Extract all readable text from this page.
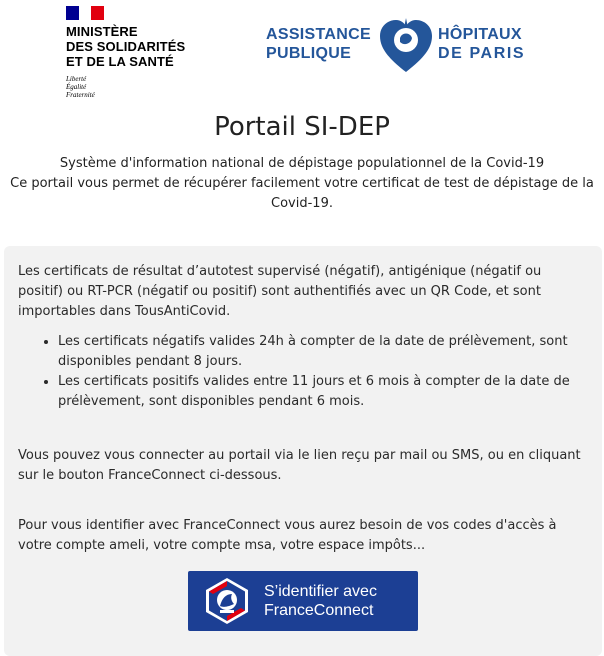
MINISTÈRE
DES SOLIDARITÉS
ET DE LA SANTÉ
Liberté
Égalité
Fraternité
ASSISTANCE
PUBLIQUE
HÔPITAUX
DE PARIS
Portail SI-DEP
Système d'information national de dépistage populationnel de la Covid-19
Ce portail vous permet de récupérer facilement votre certificat de test de dépistage de la Covid-19.

Les certificats de résultat d’autotest supervisé (négatif), antigénique (négatif ou positif) ou RT-PCR (négatif ou positif) sont authentifiés avec un QR Code, et sont importables dans TousAntiCovid.

• Les certificats négatifs valides 24h à compter de la date de prélèvement, sont disponibles pendant 8 jours.
• Les certificats positifs valides entre 11 jours et 6 mois à compter de la date de prélèvement, sont disponibles pendant 6 mois.

Vous pouvez vous connecter au portail via le lien reçu par mail ou SMS, ou en cliquant sur le bouton FranceConnect ci-dessous.

Pour vous identifier avec FranceConnect vous aurez besoin de vos codes d'accès à votre compte ameli, votre compte msa, votre espace impôts...

S’identifier avec
FranceConnect
